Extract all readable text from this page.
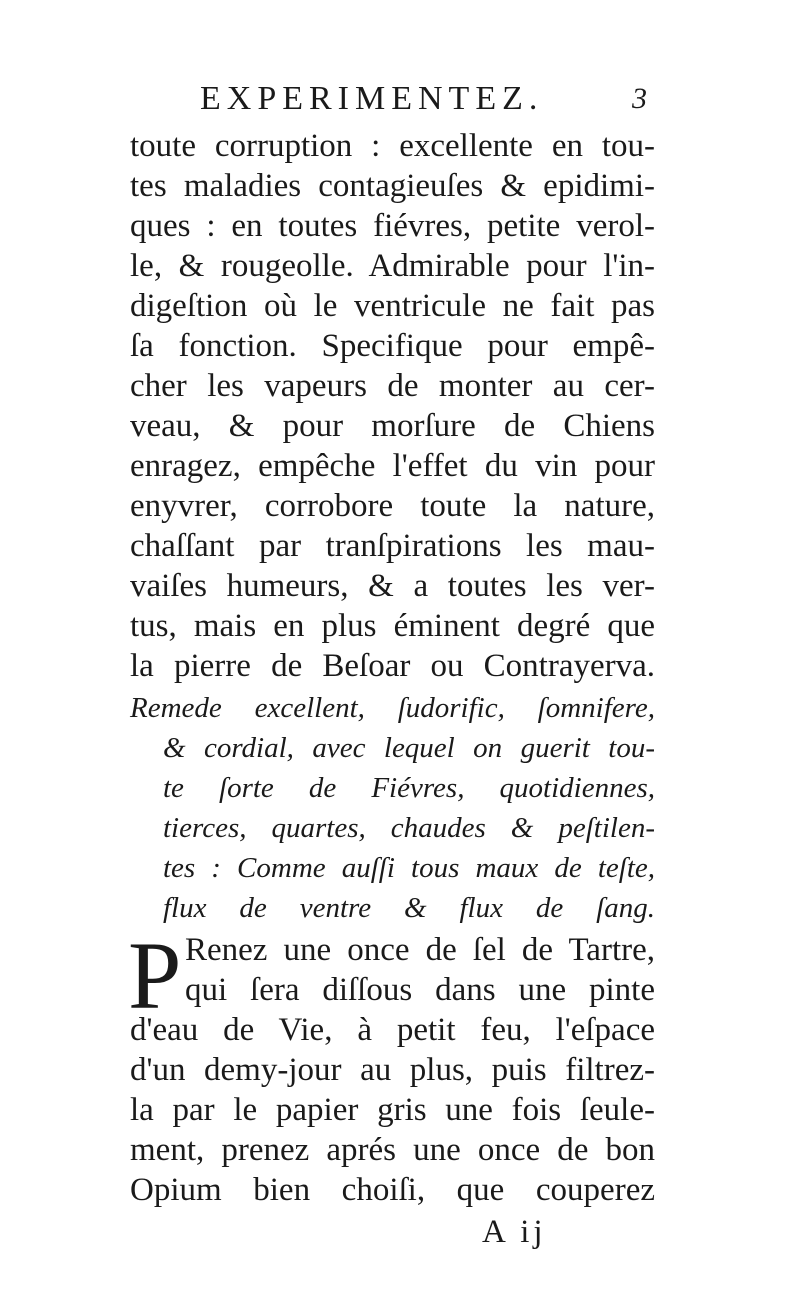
EXPERIMENTEZ.	3
toute corruption : excellente en tou-
tes maladies contagieuſes & epidimi-
ques : en toutes fiévres, petite verol-
le, & rougeolle. Admirable pour l'in-
digeſtion où le ventricule ne fait pas
ſa fonction. Specifique pour empê-
cher les vapeurs de monter au cer-
veau, & pour morſure de Chiens
enragez, empêche l'effet du vin pour
enyvrer, corrobore toute la nature,
chaſſant par tranſpirations les mau-
vaiſes humeurs, & a toutes les ver-
tus, mais en plus éminent degré que
la pierre de Beſoar ou Contrayerva.
Remede excellent, ſudorific, ſomnifere,
& cordial, avec lequel on guerit tou-
te ſorte de Fiévres, quotidiennes,
tierces, quartes, chaudes & peſtilen-
tes : Comme auſſi tous maux de teſte,
flux de ventre & flux de ſang.
P Renez une once de ſel de Tartre,
qui ſera diſſous dans une pinte
d'eau de Vie, à petit feu, l'eſpace
d'un demy-jour au plus, puis filtrez-
la par le papier gris une fois ſeule-
ment, prenez aprés une once de bon
Opium bien choiſi, que couperez
A ij
